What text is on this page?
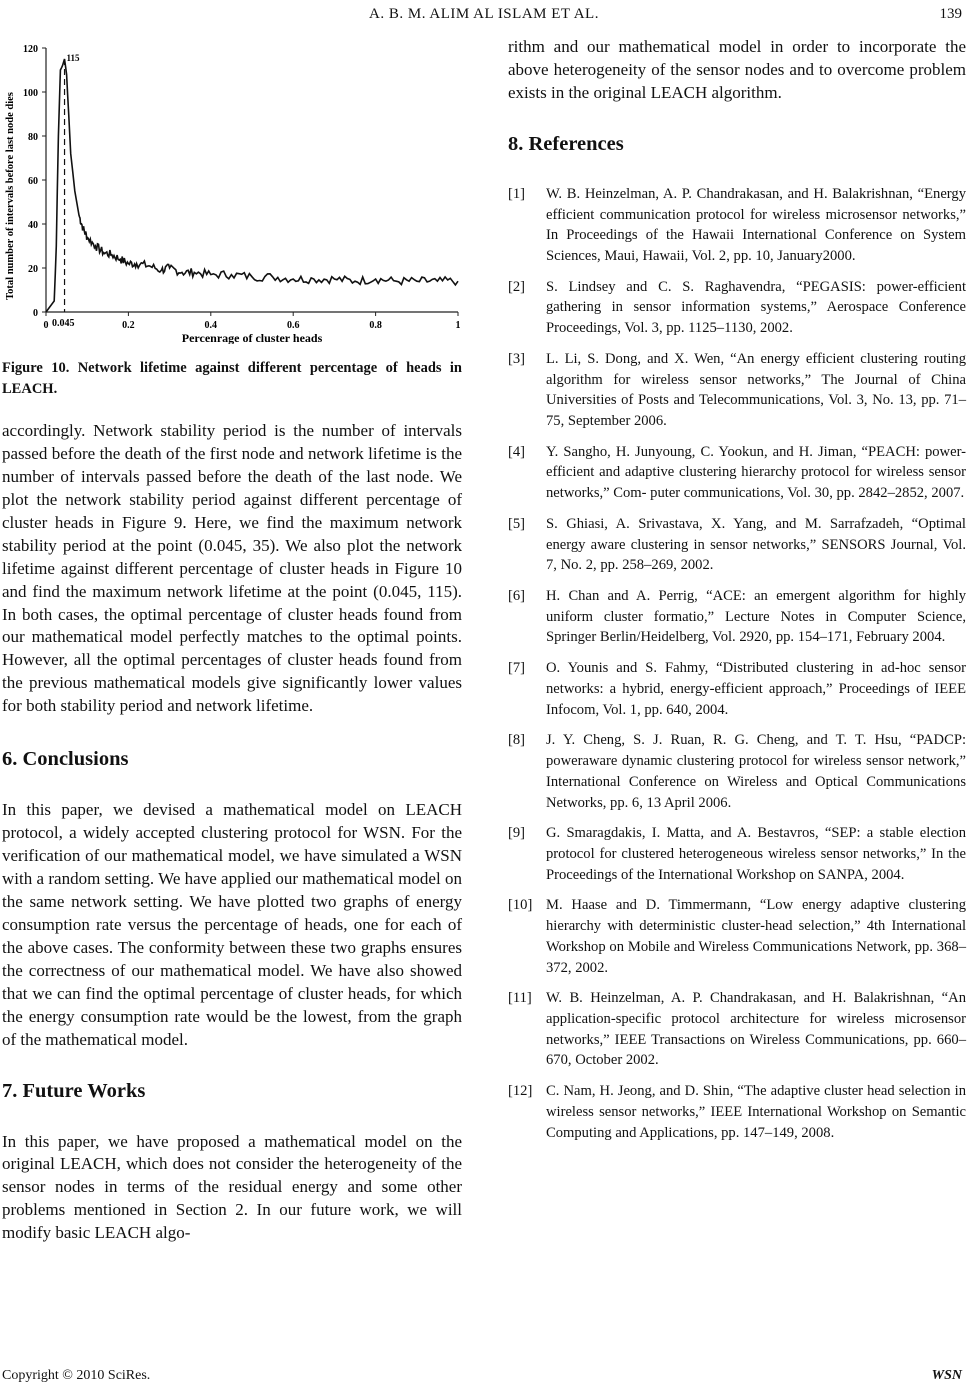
A. B. M. ALIM AL ISLAM ET AL.	139
0	0.2	0.4	0.6	0.8	1
0
20
40
60
80
100
120
115
Percenrage of cluster heads
Total number of intervals before last node dies
0.045
Figure 10. Network lifetime against different percentage of heads in LEACH.

accordingly. Network stability period is the number of intervals passed before the death of the first node and network lifetime is the number of intervals passed before the death of the last node. We plot the network stability period against different percentage of cluster heads in Figure 9. Here, we find the maximum network stability period at the point (0.045, 35). We also plot the network lifetime against different percentage of cluster heads in Figure 10 and find the maximum network lifetime at the point (0.045, 115). In both cases, the optimal percentage of cluster heads found from our mathematical model perfectly matches to the optimal points. However, all the optimal percentages of cluster heads found from the previous mathematical models give significantly lower values for both stability period and network lifetime.

6. Conclusions

In this paper, we devised a mathematical model on LEACH protocol, a widely accepted clustering protocol for WSN. For the verification of our mathematical model, we have simulated a WSN with a random setting. We have applied our mathematical model on the same network setting. We have plotted two graphs of energy consumption rate versus the percentage of heads, one for each of the above cases. The conformity between these two graphs ensures the correctness of our mathematical model. We have also showed that we can find the optimal percentage of cluster heads, for which the energy consumption rate would be the lowest, from the graph of the mathematical model.

7. Future Works

In this paper, we have proposed a mathematical model on the original LEACH, which does not consider the heterogeneity of the sensor nodes in terms of the residual energy and some other problems mentioned in Section 2. In our future work, we will modify basic LEACH algo-

rithm and our mathematical model in order to incorporate the above heterogeneity of the sensor nodes and to overcome problem exists in the original LEACH algorithm.

8. References
[1]	W. B. Heinzelman, A. P. Chandrakasan, and H. Balakrishnan, “Energy efficient communication protocol for wireless microsensor networks,” In Proceedings of the Hawaii International Conference on System Sciences, Maui, Hawaii, Vol. 2, pp. 10, January2000.
[2]	S. Lindsey and C. S. Raghavendra, “PEGASIS: power-efficient gathering in sensor information systems,” Aerospace Conference Proceedings, Vol. 3, pp. 1125–1130, 2002.
[3]	L. Li, S. Dong, and X. Wen, “An energy efficient clustering routing algorithm for wireless sensor networks,” The Journal of China Universities of Posts and Telecommunications, Vol. 3, No. 13, pp. 71–75, September 2006.
[4]	Y. Sangho, H. Junyoung, C. Yookun, and H. Jiman, “PEACH: power-efficient and adaptive clustering hierarchy protocol for wireless sensor networks,” Com- puter communications, Vol. 30, pp. 2842–2852, 2007.
[5]	S. Ghiasi, A. Srivastava, X. Yang, and M. Sarrafzadeh, “Optimal energy aware clustering in sensor networks,” SENSORS Journal, Vol. 7, No. 2, pp. 258–269, 2002.
[6]	H. Chan and A. Perrig, “ACE: an emergent algorithm for highly uniform cluster formatio,” Lecture Notes in Computer Science, Springer Berlin/Heidelberg, Vol. 2920, pp. 154–171, February 2004.
[7]	O. Younis and S. Fahmy, “Distributed clustering in ad-hoc sensor networks: a hybrid, energy-efficient approach,” Proceedings of IEEE Infocom, Vol. 1, pp. 640, 2004.
[8]	J. Y. Cheng, S. J. Ruan, R. G. Cheng, and T. T. Hsu, “PADCP: poweraware dynamic clustering protocol for wireless sensor network,” International Conference on Wireless and Optical Communications Networks, pp. 6, 13 April 2006.
[9]	G. Smaragdakis, I. Matta, and A. Bestavros, “SEP: a stable election protocol for clustered heterogeneous wireless sensor networks,” In the Proceedings of the International Workshop on SANPA, 2004.
[10] M. Haase and D. Timmermann, “Low energy adaptive clustering hierarchy with deterministic cluster-head selection,” 4th International Workshop on Mobile and Wireless Communications Network, pp. 368–372, 2002.
[11] W. B. Heinzelman, A. P. Chandrakasan, and H. Balakrishnan, “An application-specific protocol architecture for wireless microsensor networks,” IEEE Transactions on Wireless Communications, pp. 660–670, October 2002.
[12] C. Nam, H. Jeong, and D. Shin, “The adaptive cluster head selection in wireless sensor networks,” IEEE International Workshop on Semantic Computing and Applications, pp. 147–149, 2008.
Copyright © 2010 SciRes.	WSN
